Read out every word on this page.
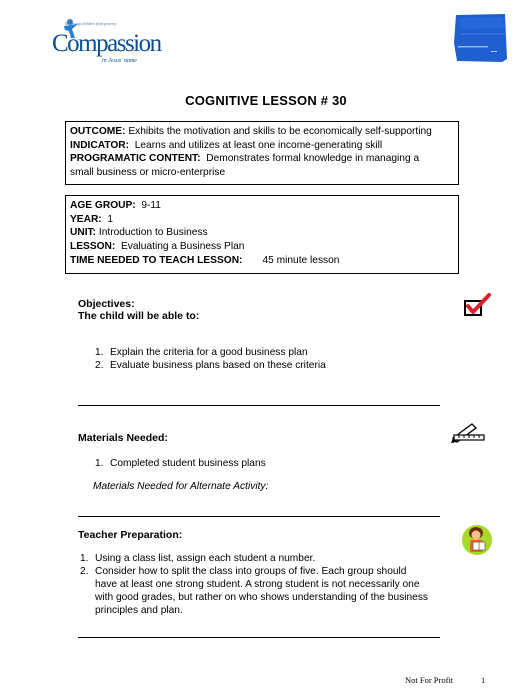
Releasing children from poverty
Compassion
in Jesus' name
COGNITIVE LESSON # 30
OUTCOME: Exhibits the motivation and skills to be economically self-supporting
INDICATOR: Learns and utilizes at least one income-generating skill
PROGRAMATIC CONTENT: Demonstrates formal knowledge in managing a
small business or micro-enterprise
AGE GROUP: 9-11
YEAR: 1
UNIT: Introduction to Business
LESSON: Evaluating a Business Plan
TIME NEEDED TO TEACH LESSON: 45 minute lesson
Objectives:
The child will be able to:
1. Explain the criteria for a good business plan
2. Evaluate business plans based on these criteria
Materials Needed:
1. Completed student business plans
Materials Needed for Alternate Activity:
Teacher Preparation:
1. Using a class list, assign each student a number.
2. Consider how to split the class into groups of five. Each group should
have at least one strong student. A strong student is not necessarily one
with good grades, but rather on who shows understanding of the business
principles and plan.
Not For Profit	1
